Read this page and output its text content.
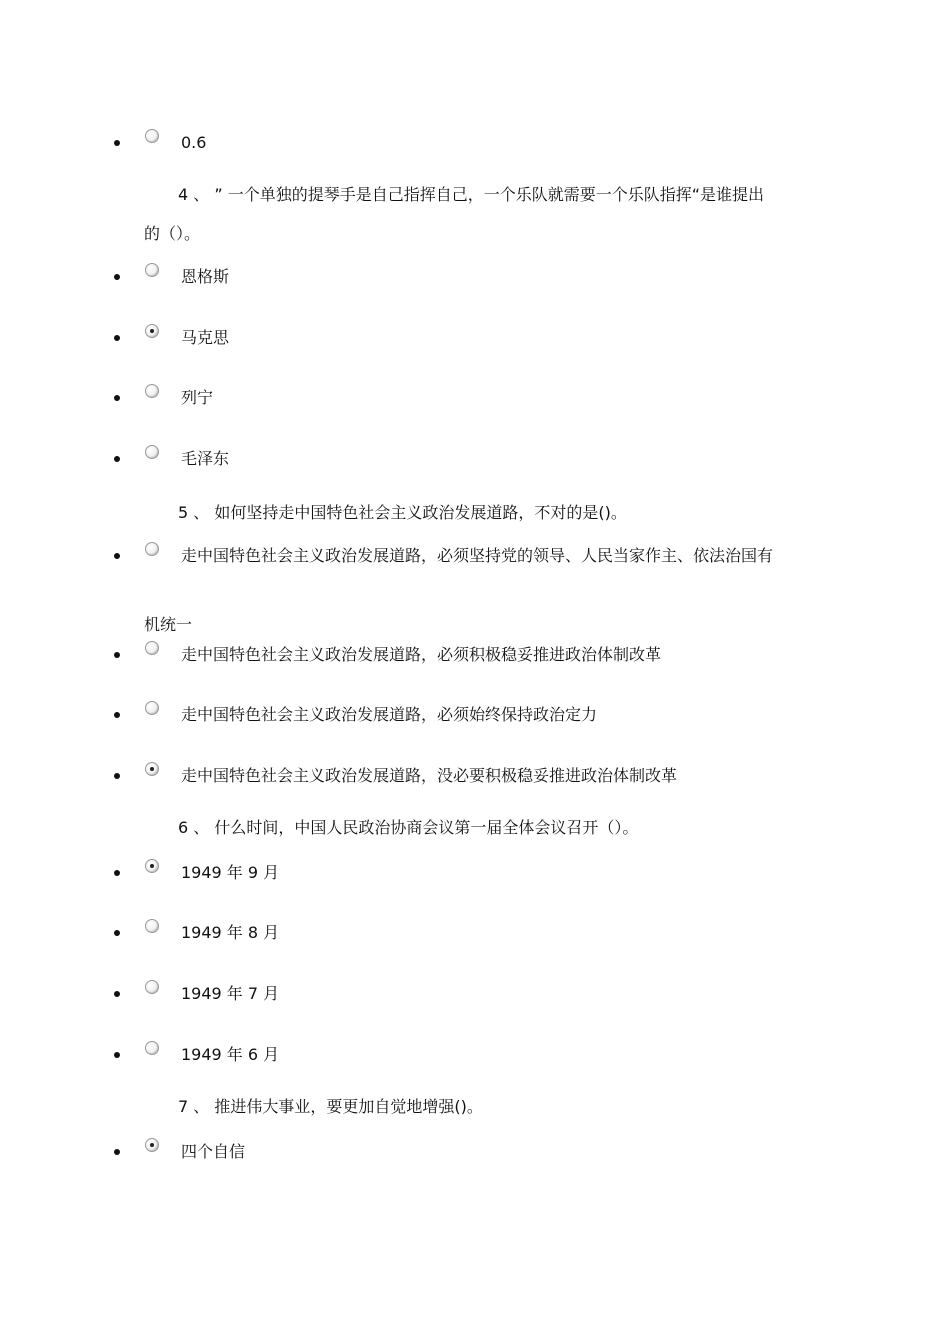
0.6
4 、 ” 一个单独的提琴手是自己指挥自己，一个乐队就需要一个乐队指挥“是谁提出
的（）。
恩格斯
马克思
列宁
毛泽东
5 、 如何坚持走中国特色社会主义政治发展道路，不对的是()。
走中国特色社会主义政治发展道路，必须坚持党的领导、人民当家作主、依法治国有
机统一
走中国特色社会主义政治发展道路，必须积极稳妥推进政治体制改革
走中国特色社会主义政治发展道路，必须始终保持政治定力
走中国特色社会主义政治发展道路，没必要积极稳妥推进政治体制改革
6 、 什么时间，中国人民政治协商会议第一届全体会议召开（）。
1949 年 9 月
1949 年 8 月
1949 年 7 月
1949 年 6 月
7 、 推进伟大事业，要更加自觉地增强()。
四个自信
